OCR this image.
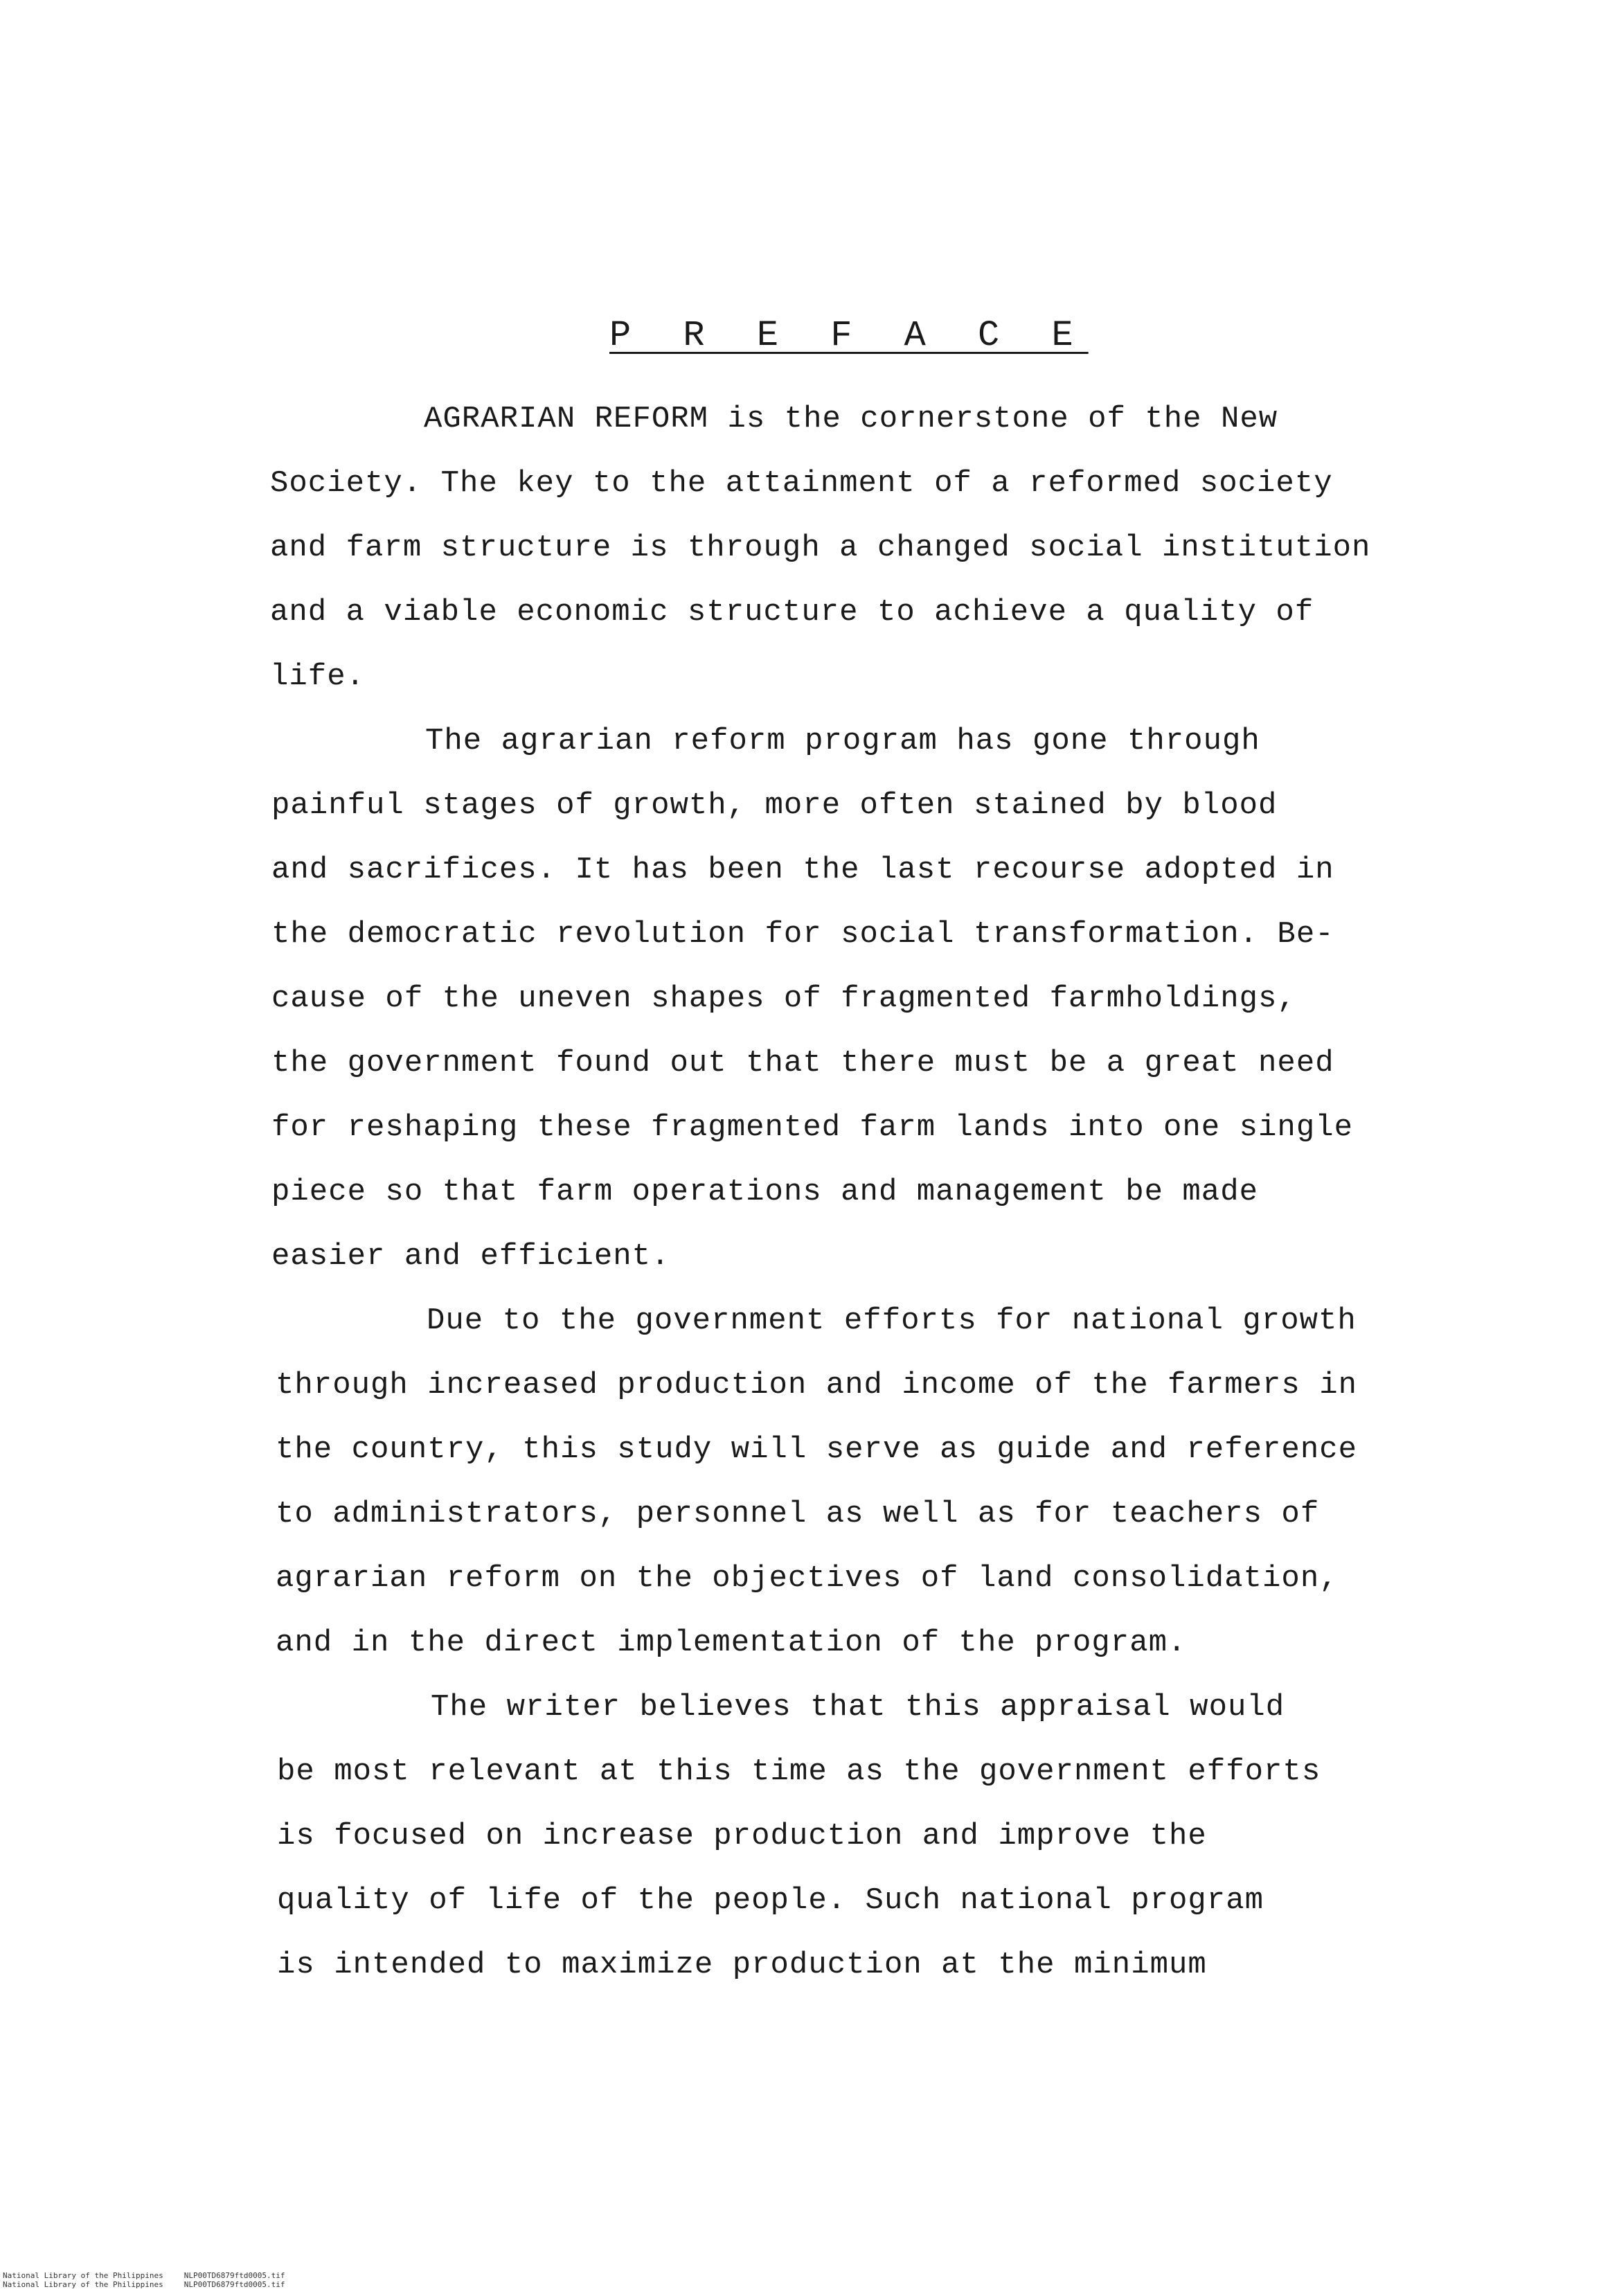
P R E F A C E
AGRARIAN REFORM is the cornerstone of the New
Society. The key to the attainment of a reformed society
and farm structure is through a changed social institution
and a viable economic structure to achieve a quality of
life.
The agrarian reform program has gone through
painful stages of growth, more often stained by blood
and sacrifices. It has been the last recourse adopted in
the democratic revolution for social transformation. Be-
cause of the uneven shapes of fragmented farmholdings,
the government found out that there must be a great need
for reshaping these fragmented farm lands into one single
piece so that farm operations and management be made
easier and efficient.
Due to the government efforts for national growth
through increased production and income of the farmers in
the country, this study will serve as guide and reference
to administrators, personnel as well as for teachers of
agrarian reform on the objectives of land consolidation,
and in the direct implementation of the program.
The writer believes that this appraisal would
be most relevant at this time as the government efforts
is focused on increase production and improve the
quality of life of the people. Such national program
is intended to maximize production at the minimum
National Library of the Philippines	NLP00TD6879ftd0005.tif
National Library of the Philippines	NLP00TD6879ftd0005.tif
